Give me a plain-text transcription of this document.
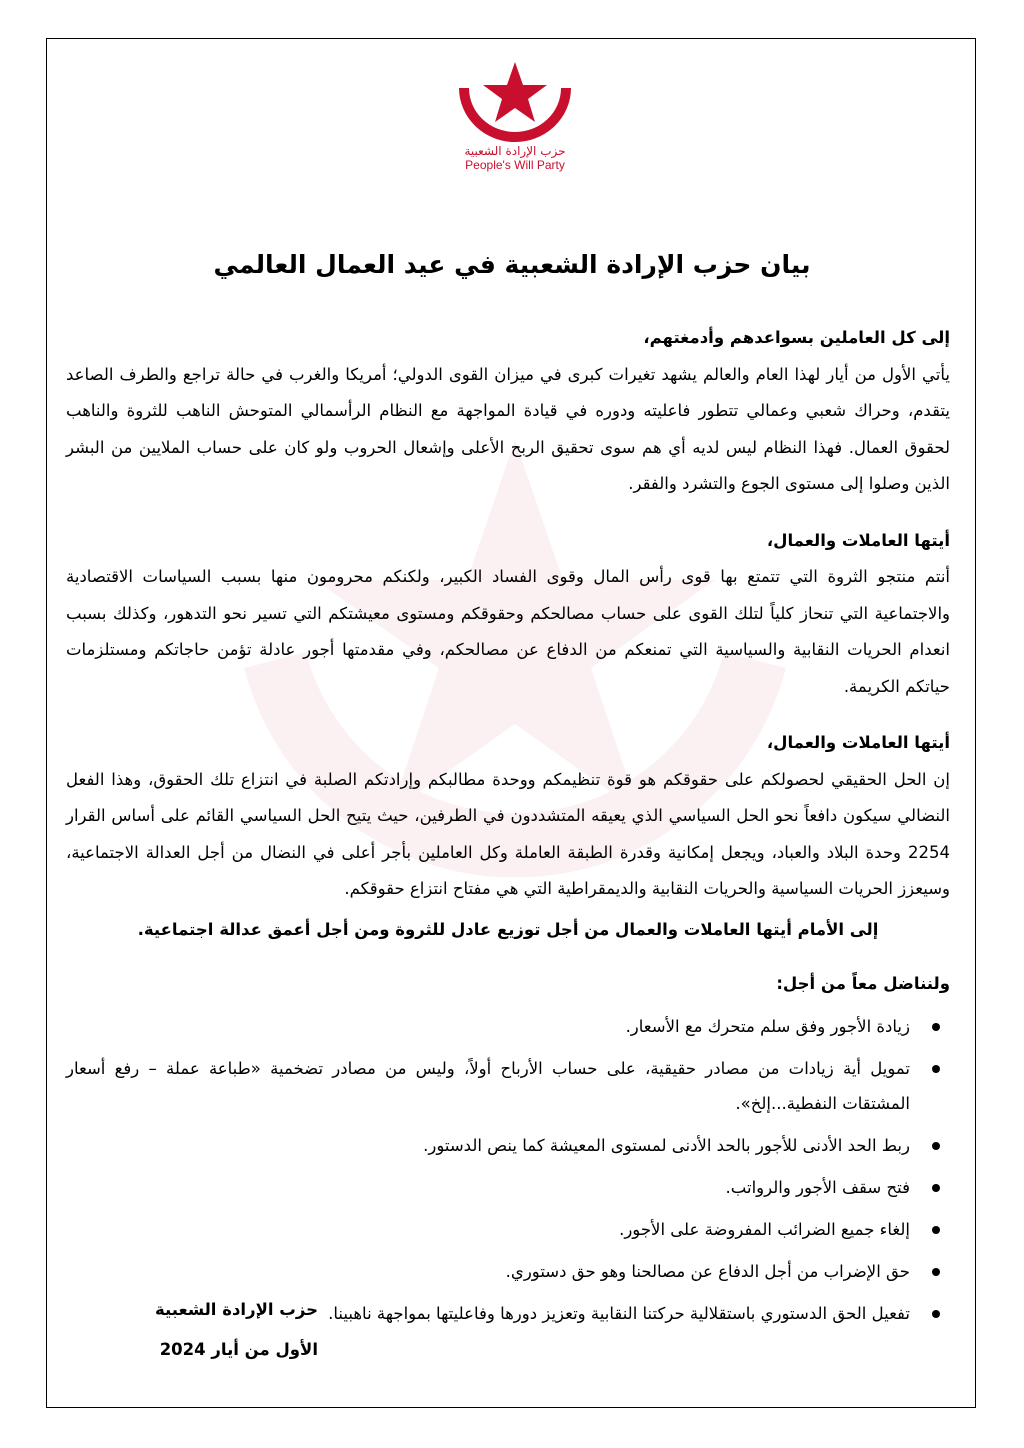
حزب الإرادة الشعبية
People's Will Party
بيان حزب الإرادة الشعبية في عيد العمال العالمي

إلى كل العاملين بسواعدهم وأدمغتهم،

يأتي الأول من أيار لهذا العام والعالم يشهد تغيرات كبرى في ميزان القوى الدولي؛ أمريكا والغرب في حالة تراجع والطرف الصاعد يتقدم، وحراك شعبي وعمالي تتطور فاعليته ودوره في قيادة المواجهة مع النظام الرأسمالي المتوحش الناهب للثروة والناهب لحقوق العمال. فهذا النظام ليس لديه أي هم سوى تحقيق الربح الأعلى وإشعال الحروب ولو كان على حساب الملايين من البشر الذين وصلوا إلى مستوى الجوع والتشرد والفقر.

أيتها العاملات والعمال،

أنتم منتجو الثروة التي تتمتع بها قوى رأس المال وقوى الفساد الكبير، ولكنكم محرومون منها بسبب السياسات الاقتصادية والاجتماعية التي تنحاز كلياً لتلك القوى على حساب مصالحكم وحقوقكم ومستوى معيشتكم التي تسير نحو التدهور، وكذلك بسبب انعدام الحريات النقابية والسياسية التي تمنعكم من الدفاع عن مصالحكم، وفي مقدمتها أجور عادلة تؤمن حاجاتكم ومستلزمات حياتكم الكريمة.

أيتها العاملات والعمال،

إن الحل الحقيقي لحصولكم على حقوقكم هو قوة تنظيمكم ووحدة مطالبكم وإرادتكم الصلبة في انتزاع تلك الحقوق، وهذا الفعل النضالي سيكون دافعاً نحو الحل السياسي الذي يعيقه المتشددون في الطرفين، حيث يتيح الحل السياسي القائم على أساس القرار 2254 وحدة البلاد والعباد، ويجعل إمكانية وقدرة الطبقة العاملة وكل العاملين بأجر أعلى في النضال من أجل العدالة الاجتماعية، وسيعزز الحريات السياسية والحريات النقابية والديمقراطية التي هي مفتاح انتزاع حقوقكم.

إلى الأمام أيتها العاملات والعمال من أجل توزيع عادل للثروة ومن أجل أعمق عدالة اجتماعية.

ولنناضل معاً من أجل:

زيادة الأجور وفق سلم متحرك مع الأسعار.
تمويل أية زيادات من مصادر حقيقية، على حساب الأرباح أولاً، وليس من مصادر تضخمية «طباعة عملة – رفع أسعار المشتقات النفطية...إلخ».
ربط الحد الأدنى للأجور بالحد الأدنى لمستوى المعيشة كما ينص الدستور.
فتح سقف الأجور والرواتب.
إلغاء جميع الضرائب المفروضة على الأجور.
حق الإضراب من أجل الدفاع عن مصالحنا وهو حق دستوري.
تفعيل الحق الدستوري باستقلالية حركتنا النقابية وتعزيز دورها وفاعليتها بمواجهة ناهبينا.
حزب الإرادة الشعبية
الأول من أيار 2024
